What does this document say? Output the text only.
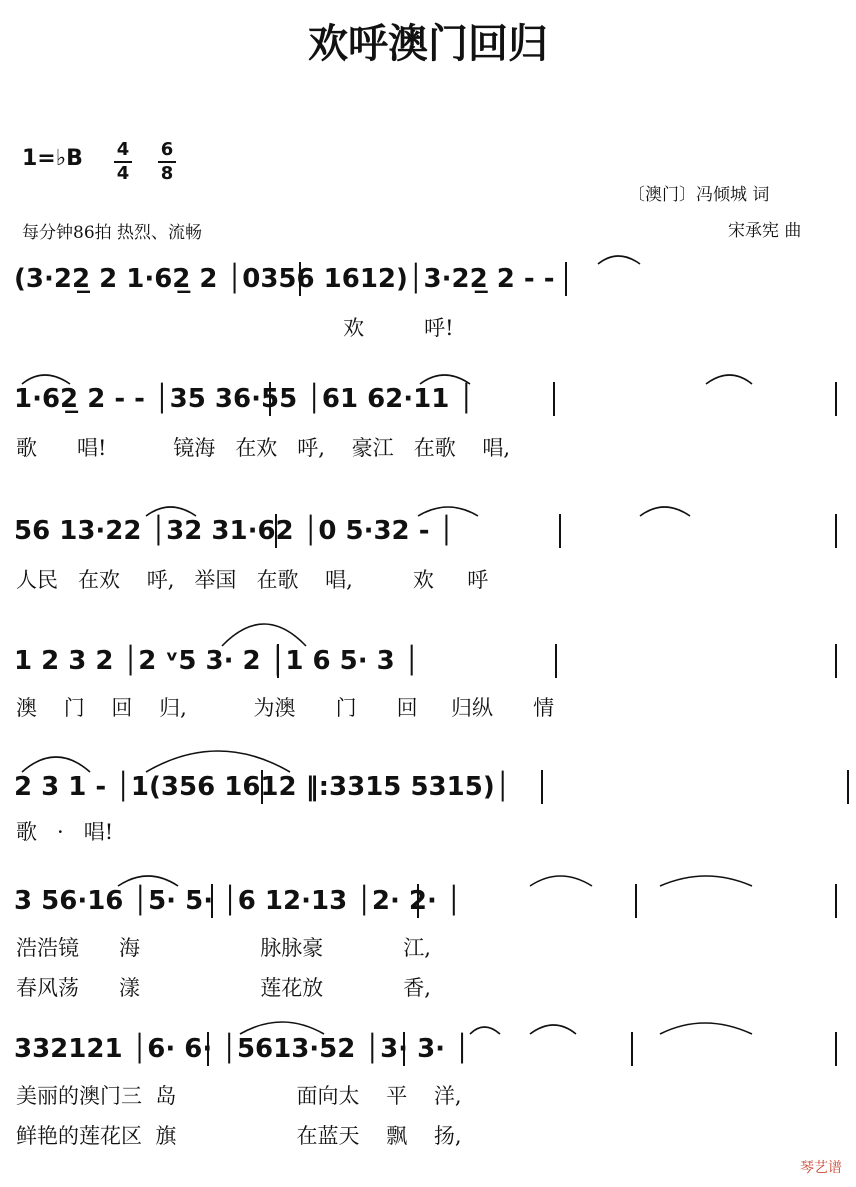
欢呼澳门回归
1=♭B 4
4
6
8
〔澳门〕冯倾城 词
宋承宪 曲
每分钟86拍 热烈、流畅
(3·22̲ 2 1·62̲ 2 │0356 1612)│3·22̲ 2 - -
欢         呼!
1·62̲ 2 - - │35 36·55 │61 62·11 │
歌      唱!          镜海   在欢   呼,    豪江   在歌    唱,
56 13·22 │32 31·62 │0 5·32 - │
人民   在欢    呼,   举国   在歌    唱,         欢     呼
1 2 3 2 │2 ᵛ5 3· 2 │1 6 5· 3 │
澳    门    回    归,          为澳      门      回     归纵      情
2 3 1 - │1(356 1612 ‖:3315 5315)│
歌   ·   唱!
3 56·16 │5· 5· │6 12·13 │2· 2· │
浩浩镜      海                  脉脉豪            江,
春风荡      漾                  莲花放            香,
332121 │6· 6· │5613·52 │3· 3· │
美丽的澳门三  岛                  面向太    平    洋,
鲜艳的莲花区  旗                  在蓝天    飘    扬,
琴艺谱
